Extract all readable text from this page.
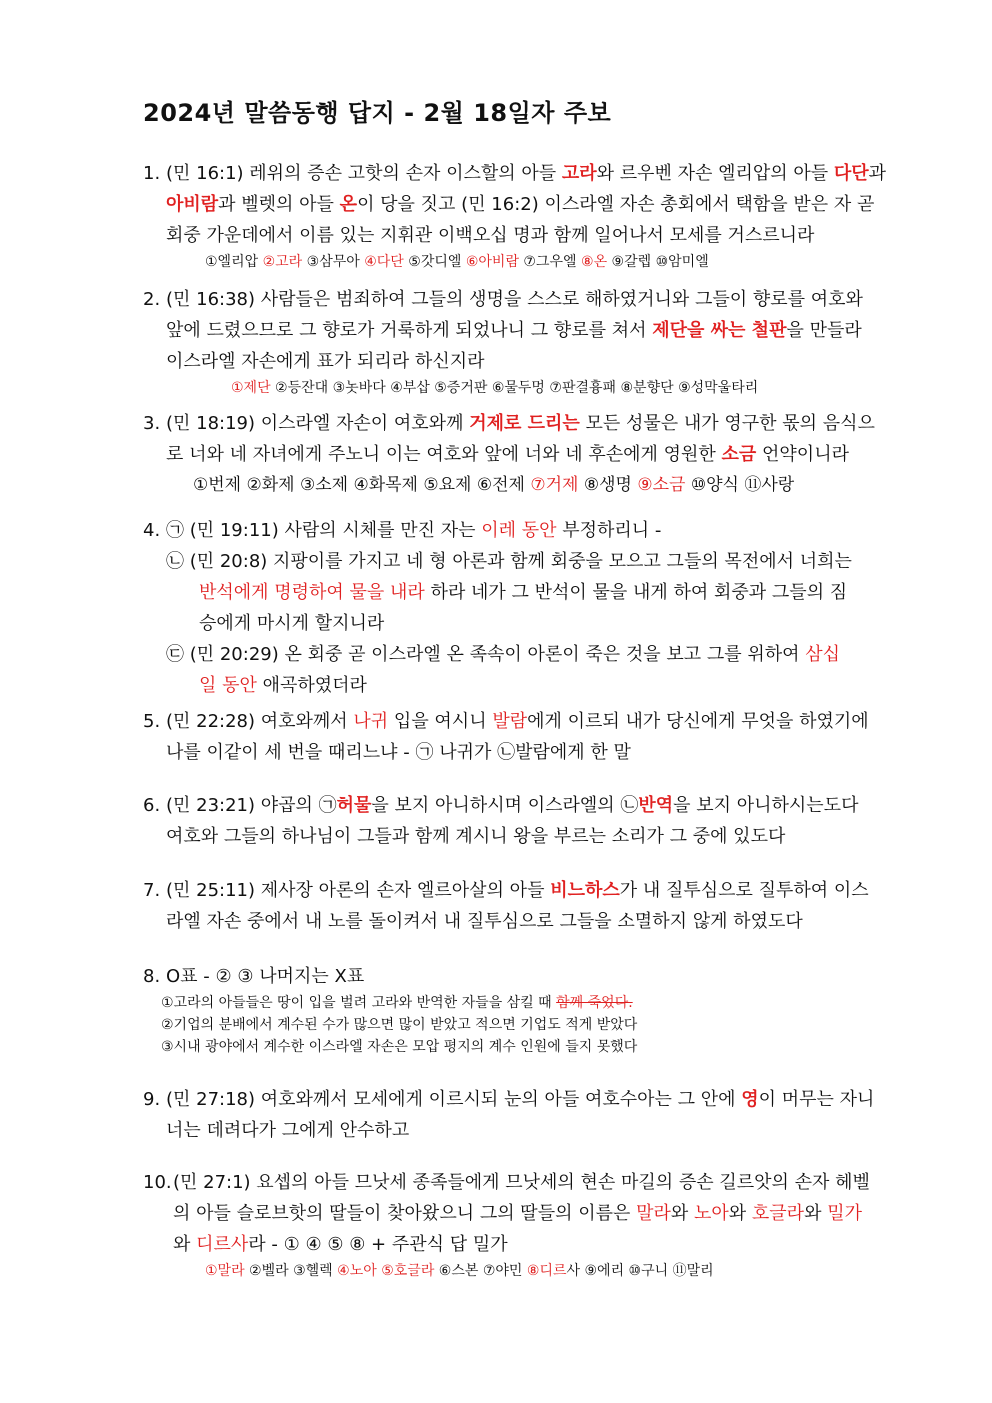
2024년 말씀동행 답지 - 2월 18일자 주보
1. (민 16:1) 레위의 증손 고핫의 손자 이스할의 아들 고라와 르우벤 자손 엘리압의 아들 다단과
아비람과 벨렛의 아들 온이 당을 짓고 (민 16:2) 이스라엘 자손 총회에서 택함을 받은 자 곧
회중 가운데에서 이름 있는 지휘관 이백오십 명과 함께 일어나서 모세를 거스르니라
①엘리압 ②고라 ③삼무아 ④다단 ⑤갓디엘 ⑥아비람 ⑦그우엘 ⑧온 ⑨갈렙 ⑩암미엘
2. (민 16:38) 사람들은 범죄하여 그들의 생명을 스스로 해하였거니와 그들이 향로를 여호와
앞에 드렸으므로 그 향로가 거룩하게 되었나니 그 향로를 쳐서 제단을 싸는 철판을 만들라
이스라엘 자손에게 표가 되리라 하신지라
①제단 ②등잔대 ③놋바다 ④부삽 ⑤증거판 ⑥물두멍 ⑦판결흉패 ⑧분향단 ⑨성막울타리
3. (민 18:19) 이스라엘 자손이 여호와께 거제로 드리는 모든 성물은 내가 영구한 몫의 음식으
로 너와 네 자녀에게 주노니 이는 여호와 앞에 너와 네 후손에게 영원한 소금 언약이니라
①번제 ②화제 ③소제 ④화목제 ⑤요제 ⑥전제 ⑦거제 ⑧생명 ⑨소금 ⑩양식 ⑪사랑
4. ㉠ (민 19:11) 사람의 시체를 만진 자는 이레 동안 부정하리니 -
㉡ (민 20:8) 지팡이를 가지고 네 형 아론과 함께 회중을 모으고 그들의 목전에서 너희는
반석에게 명령하여 물을 내라 하라 네가 그 반석이 물을 내게 하여 회중과 그들의 짐
승에게 마시게 할지니라
㉢ (민 20:29) 온 회중 곧 이스라엘 온 족속이 아론이 죽은 것을 보고 그를 위하여 삼십
일 동안 애곡하였더라
5. (민 22:28) 여호와께서 나귀 입을 여시니 발람에게 이르되 내가 당신에게 무엇을 하였기에
나를 이같이 세 번을 때리느냐 - ㉠ 나귀가 ㉡발람에게 한 말
6. (민 23:21) 야곱의 ㉠허물을 보지 아니하시며 이스라엘의 ㉡반역을 보지 아니하시는도다
여호와 그들의 하나님이 그들과 함께 계시니 왕을 부르는 소리가 그 중에 있도다
7. (민 25:11) 제사장 아론의 손자 엘르아살의 아들 비느하스가 내 질투심으로 질투하여 이스
라엘 자손 중에서 내 노를 돌이켜서 내 질투심으로 그들을 소멸하지 않게 하였도다
8. O표 - ② ③ 나머지는 X표
①고라의 아들들은 땅이 입을 벌려 고라와 반역한 자들을 삼킬 때 함께 죽었다.
②기업의 분배에서 계수된 수가 많으면 많이 받았고 적으면 기업도 적게 받았다
③시내 광야에서 계수한 이스라엘 자손은 모압 평지의 계수 인원에 들지 못했다
9. (민 27:18) 여호와께서 모세에게 이르시되 눈의 아들 여호수아는 그 안에 영이 머무는 자니
너는 데려다가 그에게 안수하고
10.(민 27:1) 요셉의 아들 므낫세 종족들에게 므낫세의 현손 마길의 증손 길르앗의 손자 헤벨
의 아들 슬로브핫의 딸들이 찾아왔으니 그의 딸들의 이름은 말라와 노아와 호글라와 밀가
와 디르사라 - ① ④ ⑤ ⑧ + 주관식 답 밀가
①말라 ②벨라 ③헬렉 ④노아 ⑤호글라 ⑥스본 ⑦야민 ⑧디르사 ⑨에리 ⑩구니 ⑪말리
